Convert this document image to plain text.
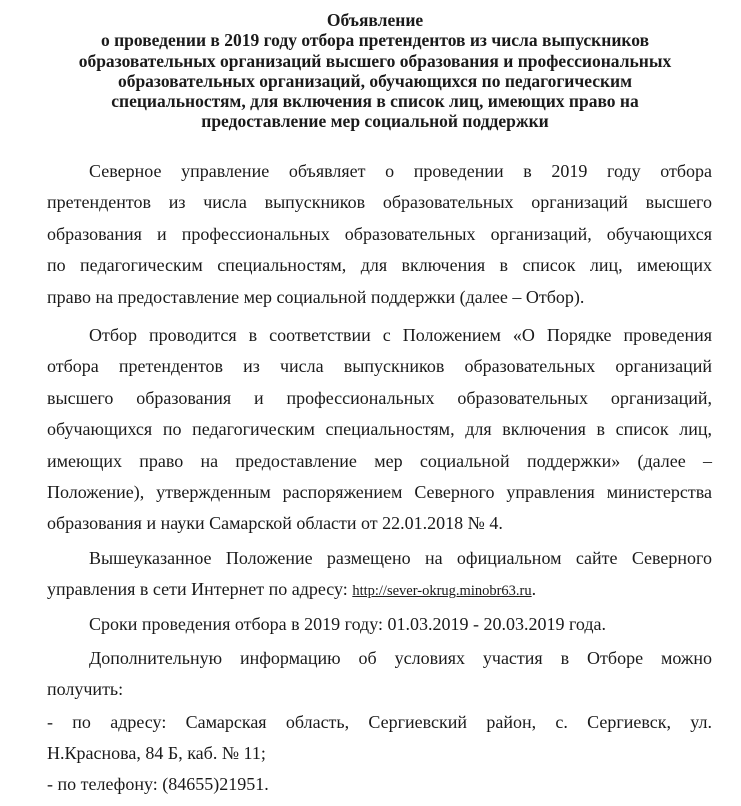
Объявление
о проведении в 2019 году отбора претендентов из числа выпускников
образовательных организаций высшего образования и профессиональных
образовательных организаций, обучающихся по педагогическим
специальностям, для включения в список лиц, имеющих право на
предоставление мер социальной поддержки
Северное управление объявляет о проведении в 2019 году отбора
претендентов из числа выпускников образовательных организаций высшего
образования и профессиональных образовательных организаций, обучающихся
по педагогическим специальностям, для включения в список лиц, имеющих
право на предоставление мер социальной поддержки (далее – Отбор).
Отбор проводится в соответствии с Положением «О Порядке проведения
отбора претендентов из числа выпускников образовательных организаций
высшего образования и профессиональных образовательных организаций,
обучающихся по педагогическим специальностям, для включения в список лиц,
имеющих право на предоставление мер социальной поддержки» (далее –
Положение), утвержденным распоряжением Северного управления министерства
образования и науки Самарской области от 22.01.2018 № 4.
Вышеуказанное Положение размещено на официальном сайте Северного
управления в сети Интернет по адресу: http://sever-okrug.minobr63.ru.
Сроки проведения отбора в 2019 году: 01.03.2019 - 20.03.2019 года.
Дополнительную информацию об условиях участия в Отборе можно
получить:
- по адресу: Самарская область, Сергиевский район, с. Сергиевск, ул.
Н.Краснова, 84 Б, каб. № 11;
- по телефону: (84655)21951.
